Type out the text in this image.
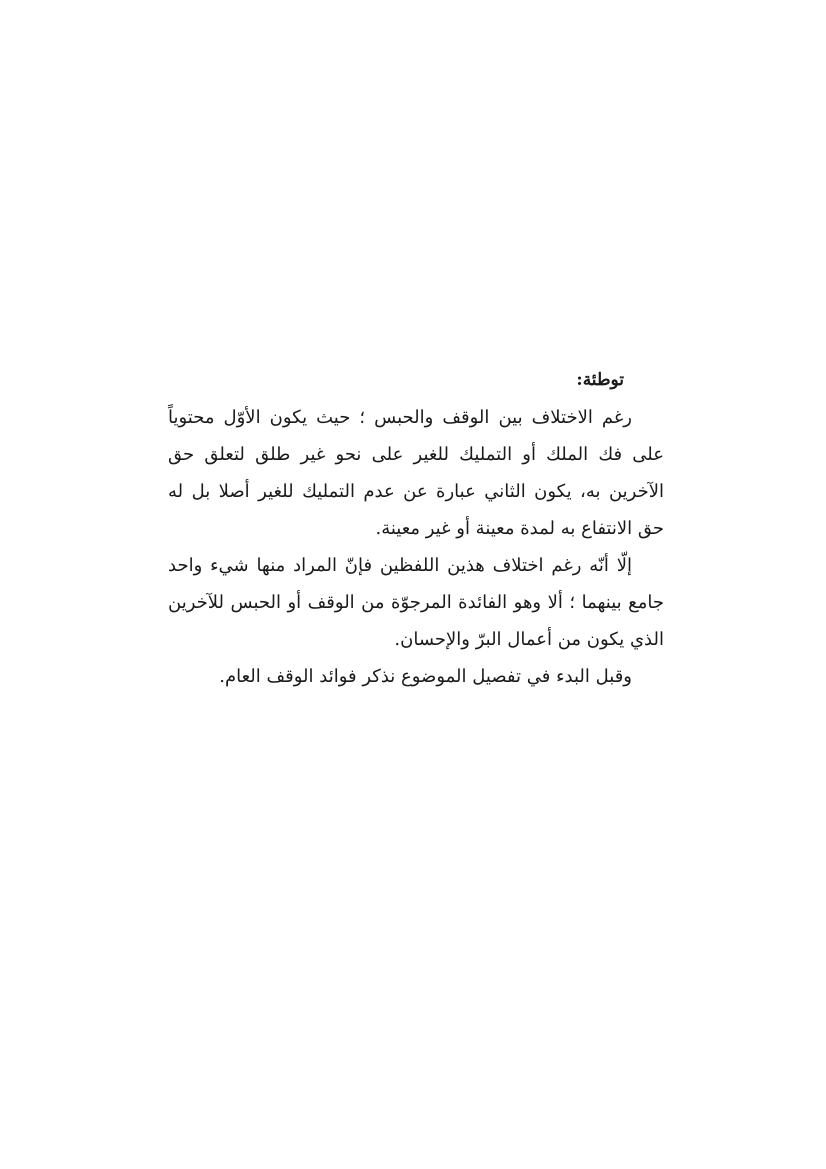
توطئة:

رغم الاختلاف بين الوقف والحبس ؛ حيث يكون الأوّل محتوياً على فك الملك أو التمليك للغير على نحو غير طلق لتعلق حق الآخرين به، يكون الثاني عبارة عن عدم التمليك للغير أصلا بل له حق الانتفاع به لمدة معينة أو غير معينة.

إلّا أنّه رغم اختلاف هذين اللفظين فإنّ المراد منها شيء واحد جامع بينهما ؛ ألا وهو الفائدة المرجوّة من الوقف أو الحبس للآخرين الذي يكون من أعمال البرّ والإحسان.

وقبل البدء في تفصيل الموضوع نذكر فوائد الوقف العام.
